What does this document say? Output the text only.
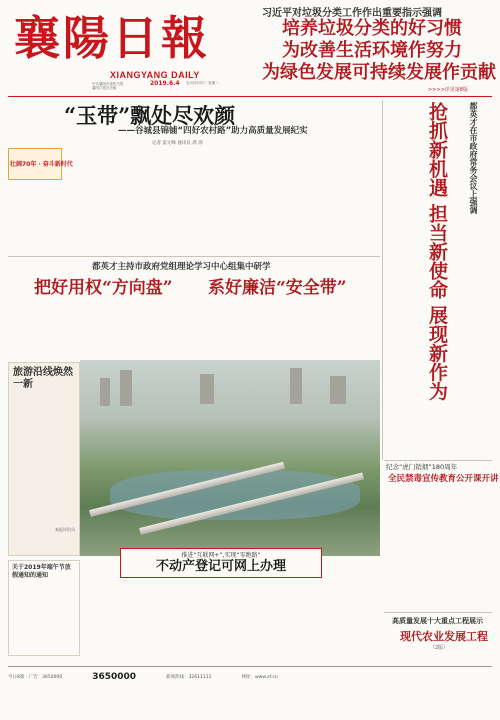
襄陽日報
XIANGYANG DAILY
中共襄阳市委机关报
襄阳日报社出版
2019.6.4 农历四月初二 星期二
习近平对垃圾分类工作作出重要指示强调
培养垃圾分类的好习惯
为改善生活环境作努力
为绿色发展可持续发展作贡献
>>>>详见第8版
都英才在市政府常务会议上强调
抢抓新机遇 担当新使命 展现新作为
“玉带”飘处尽欢颜
——谷城县锦铺“四好农村路”助力高质量发展纪实
记者 雷元峰 通讯员 周 涂
壮阔70年 · 奋斗新时代
都英才主持市政府党组理论学习中心组集中研学
把好用权“方向盘” 系好廉洁“安全带”
旅游沿线焕然一新
本报评论员
推进“互联网+”,实现“零跑路”
不动产登记可网上办理
关于2019年端午节放假通知的通知
纪念“虎门销烟”180周年
全民禁毒宣传教育公开课开讲
高质量发展十大重点工程展示
现代农业发展工程
（2版）
今日8版 · 广告：3650000	3650000	新闻热线：32611111	网址：www.xf.cn
